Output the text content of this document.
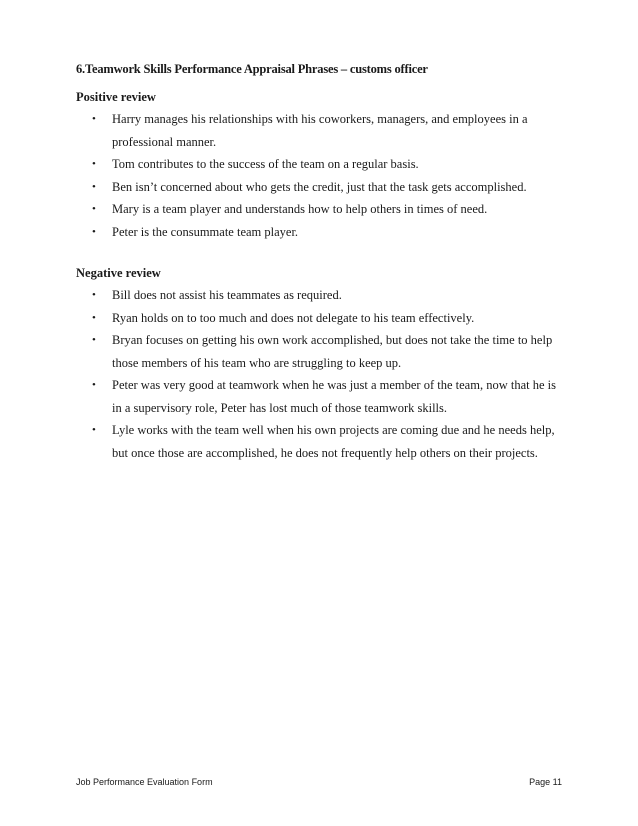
6.Teamwork Skills Performance Appraisal Phrases – customs officer
Positive review
• Harry manages his relationships with his coworkers, managers, and employees in a professional manner.
• Tom contributes to the success of the team on a regular basis.
• Ben isn’t concerned about who gets the credit, just that the task gets accomplished.
• Mary is a team player and understands how to help others in times of need.
• Peter is the consummate team player.
Negative review
• Bill does not assist his teammates as required.
• Ryan holds on to too much and does not delegate to his team effectively.
• Bryan focuses on getting his own work accomplished, but does not take the time to help those members of his team who are struggling to keep up.
• Peter was very good at teamwork when he was just a member of the team, now that he is in a supervisory role, Peter has lost much of those teamwork skills.
• Lyle works with the team well when his own projects are coming due and he needs help, but once those are accomplished, he does not frequently help others on their projects.
Job Performance Evaluation Form	Page 11
